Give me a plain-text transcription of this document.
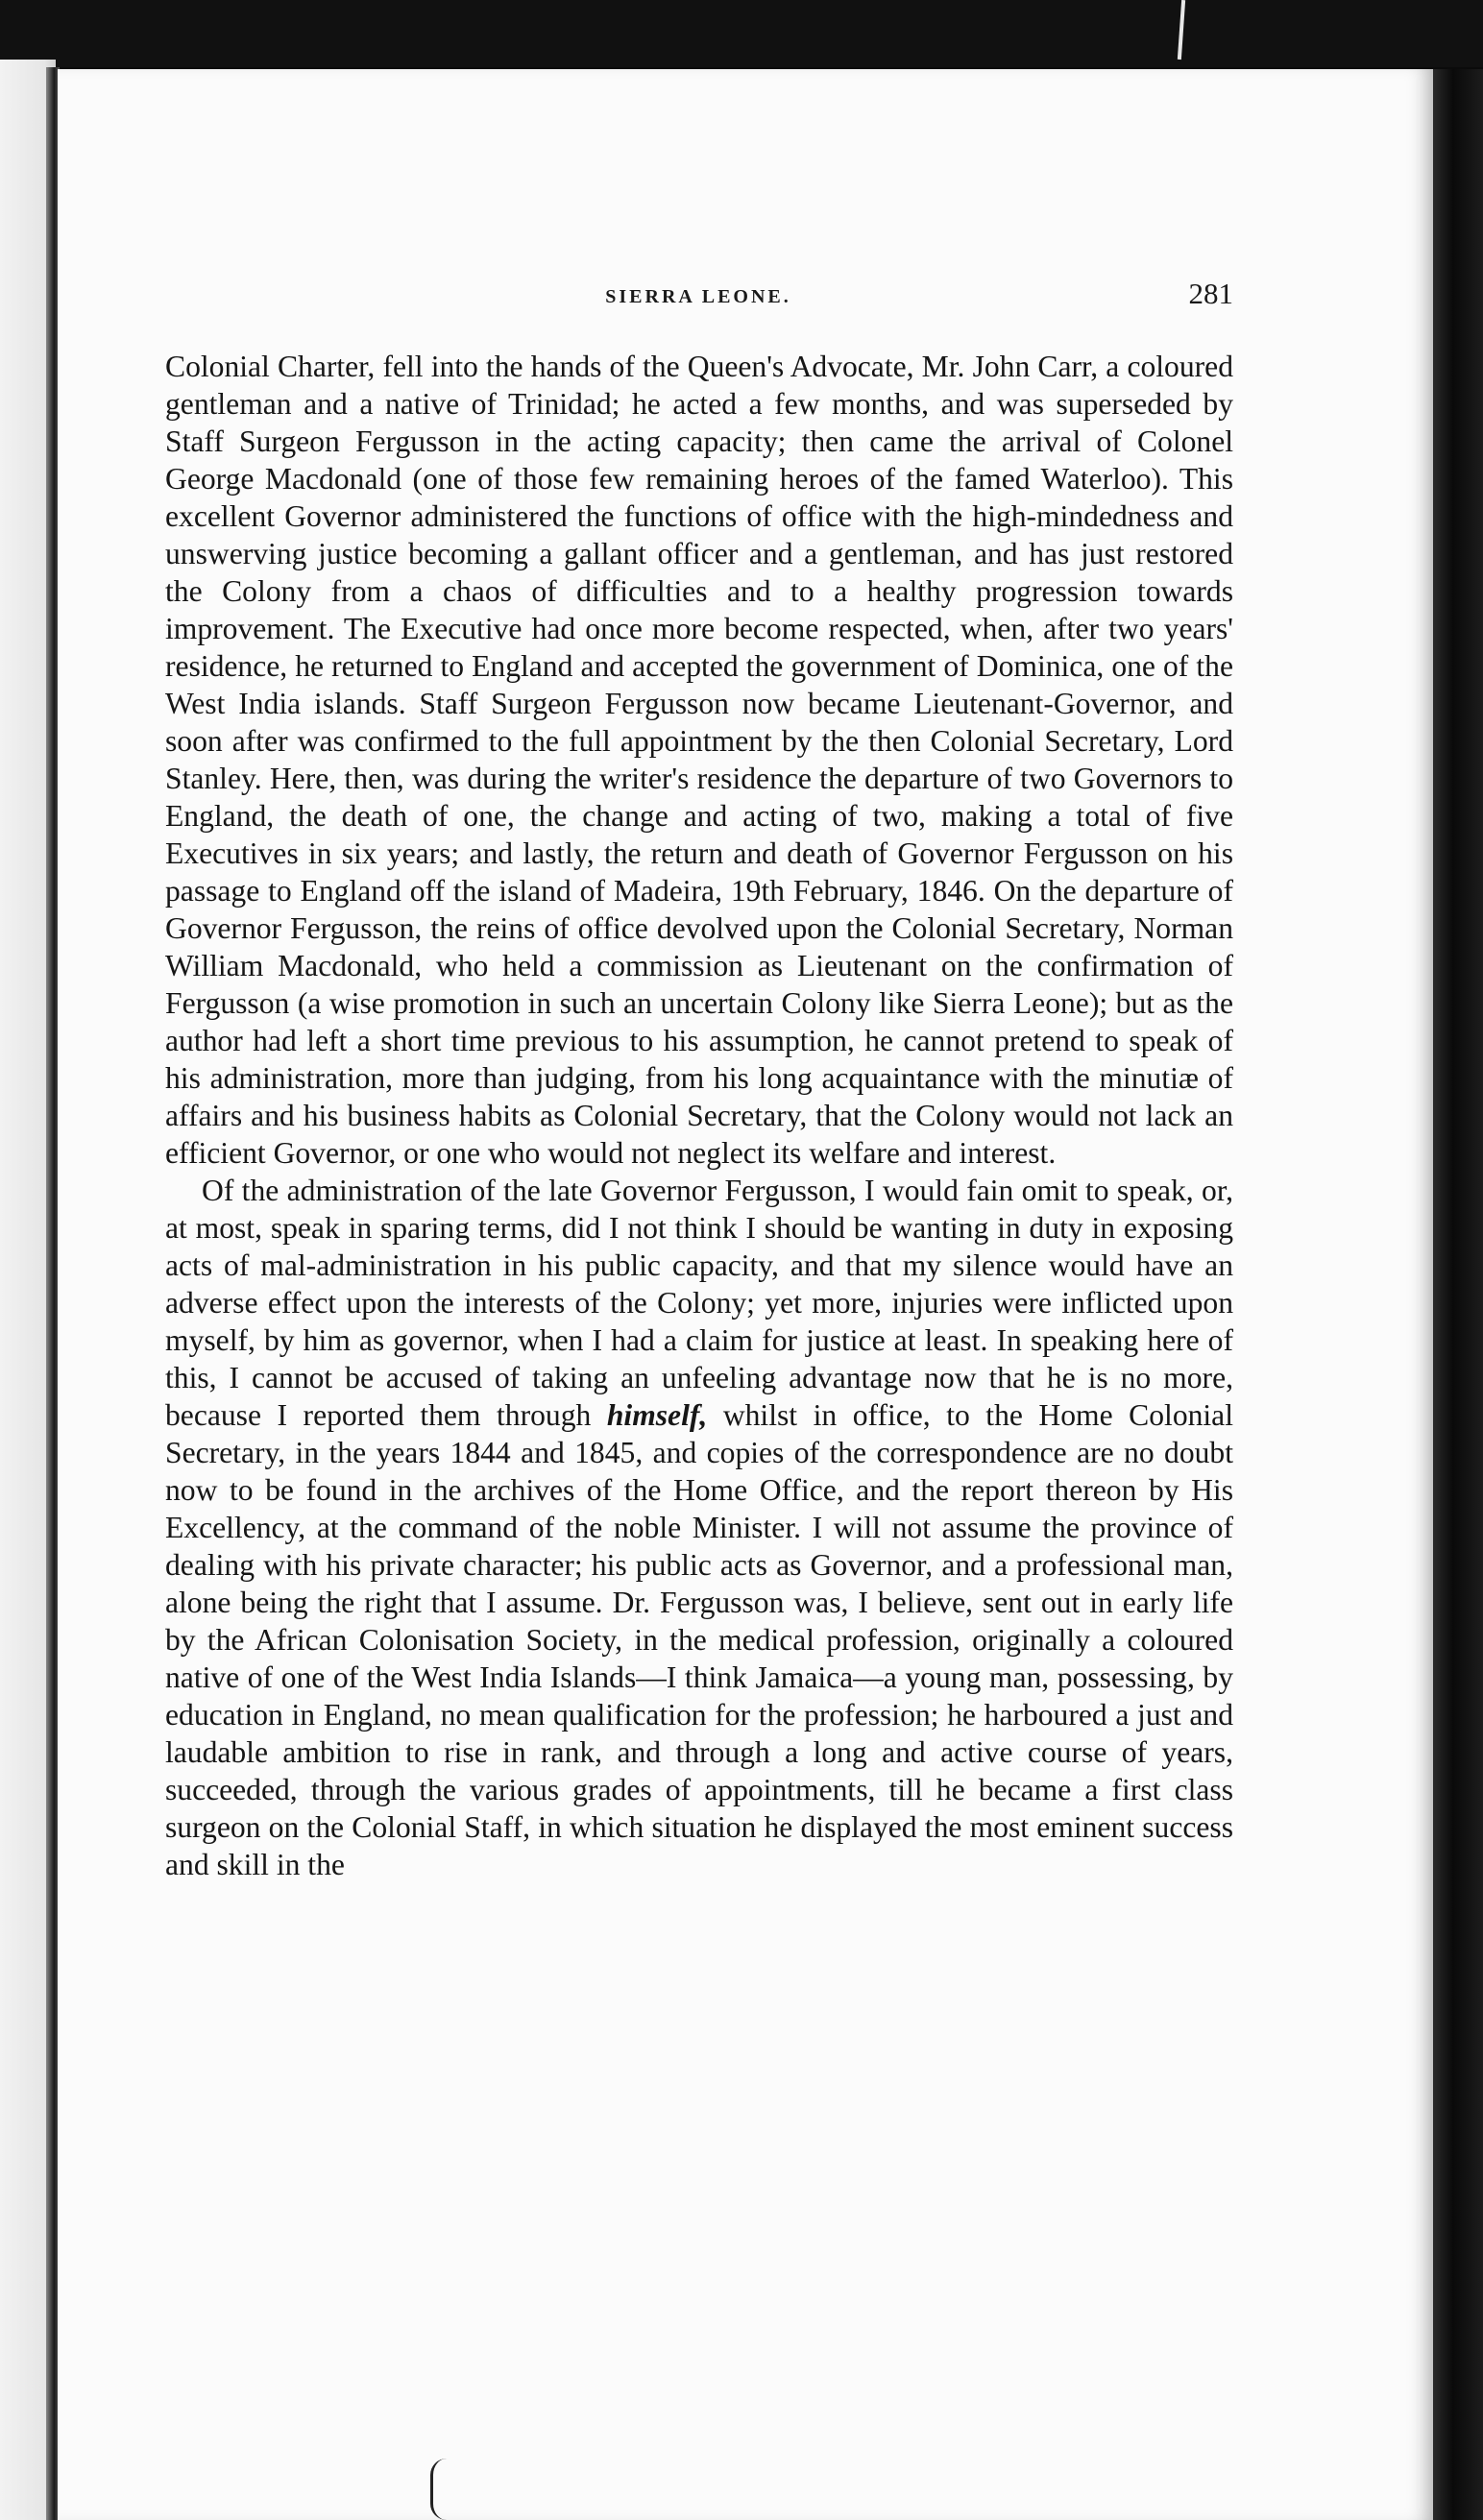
SIERRA LEONE.	281

Colonial Charter, fell into the hands of the Queen's Advocate, Mr. John Carr, a coloured gentleman and a native of Trinidad; he acted a few months, and was superseded by Staff Surgeon Fergusson in the acting capacity; then came the arrival of Colonel George Macdonald (one of those few remaining heroes of the famed Waterloo). This excellent Governor administered the functions of office with the high-mindedness and unswerving justice becoming a gallant officer and a gentleman, and has just restored the Colony from a chaos of difficulties and to a healthy progression towards improvement. The Executive had once more become respected, when, after two years' residence, he returned to England and accepted the government of Dominica, one of the West India islands. Staff Surgeon Fergusson now became Lieutenant-Governor, and soon after was confirmed to the full appointment by the then Colonial Secretary, Lord Stanley. Here, then, was during the writer's residence the departure of two Governors to England, the death of one, the change and acting of two, making a total of five Executives in six years; and lastly, the return and death of Governor Fergusson on his passage to England off the island of Madeira, 19th February, 1846. On the departure of Governor Fergusson, the reins of office devolved upon the Colonial Secretary, Norman William Macdonald, who held a commission as Lieutenant on the confirmation of Fergusson (a wise promotion in such an uncertain Colony like Sierra Leone); but as the author had left a short time previous to his assumption, he cannot pretend to speak of his administration, more than judging, from his long acquaintance with the minutiæ of affairs and his business habits as Colonial Secretary, that the Colony would not lack an efficient Governor, or one who would not neglect its welfare and interest.

Of the administration of the late Governor Fergusson, I would fain omit to speak, or, at most, speak in sparing terms, did I not think I should be wanting in duty in exposing acts of mal-administration in his public capacity, and that my silence would have an adverse effect upon the interests of the Colony; yet more, injuries were inflicted upon myself, by him as governor, when I had a claim for justice at least. In speaking here of this, I cannot be accused of taking an unfeeling advantage now that he is no more, because I reported them through himself, whilst in office, to the Home Colonial Secretary, in the years 1844 and 1845, and copies of the correspondence are no doubt now to be found in the archives of the Home Office, and the report thereon by His Excellency, at the command of the noble Minister. I will not assume the province of dealing with his private character; his public acts as Governor, and a professional man, alone being the right that I assume. Dr. Fergusson was, I believe, sent out in early life by the African Colonisation Society, in the medical profession, originally a coloured native of one of the West India Islands—I think Jamaica—a young man, possessing, by education in England, no mean qualification for the profession; he harboured a just and laudable ambition to rise in rank, and through a long and active course of years, succeeded, through the various grades of appointments, till he became a first class surgeon on the Colonial Staff, in which situation he displayed the most eminent success and skill in the
